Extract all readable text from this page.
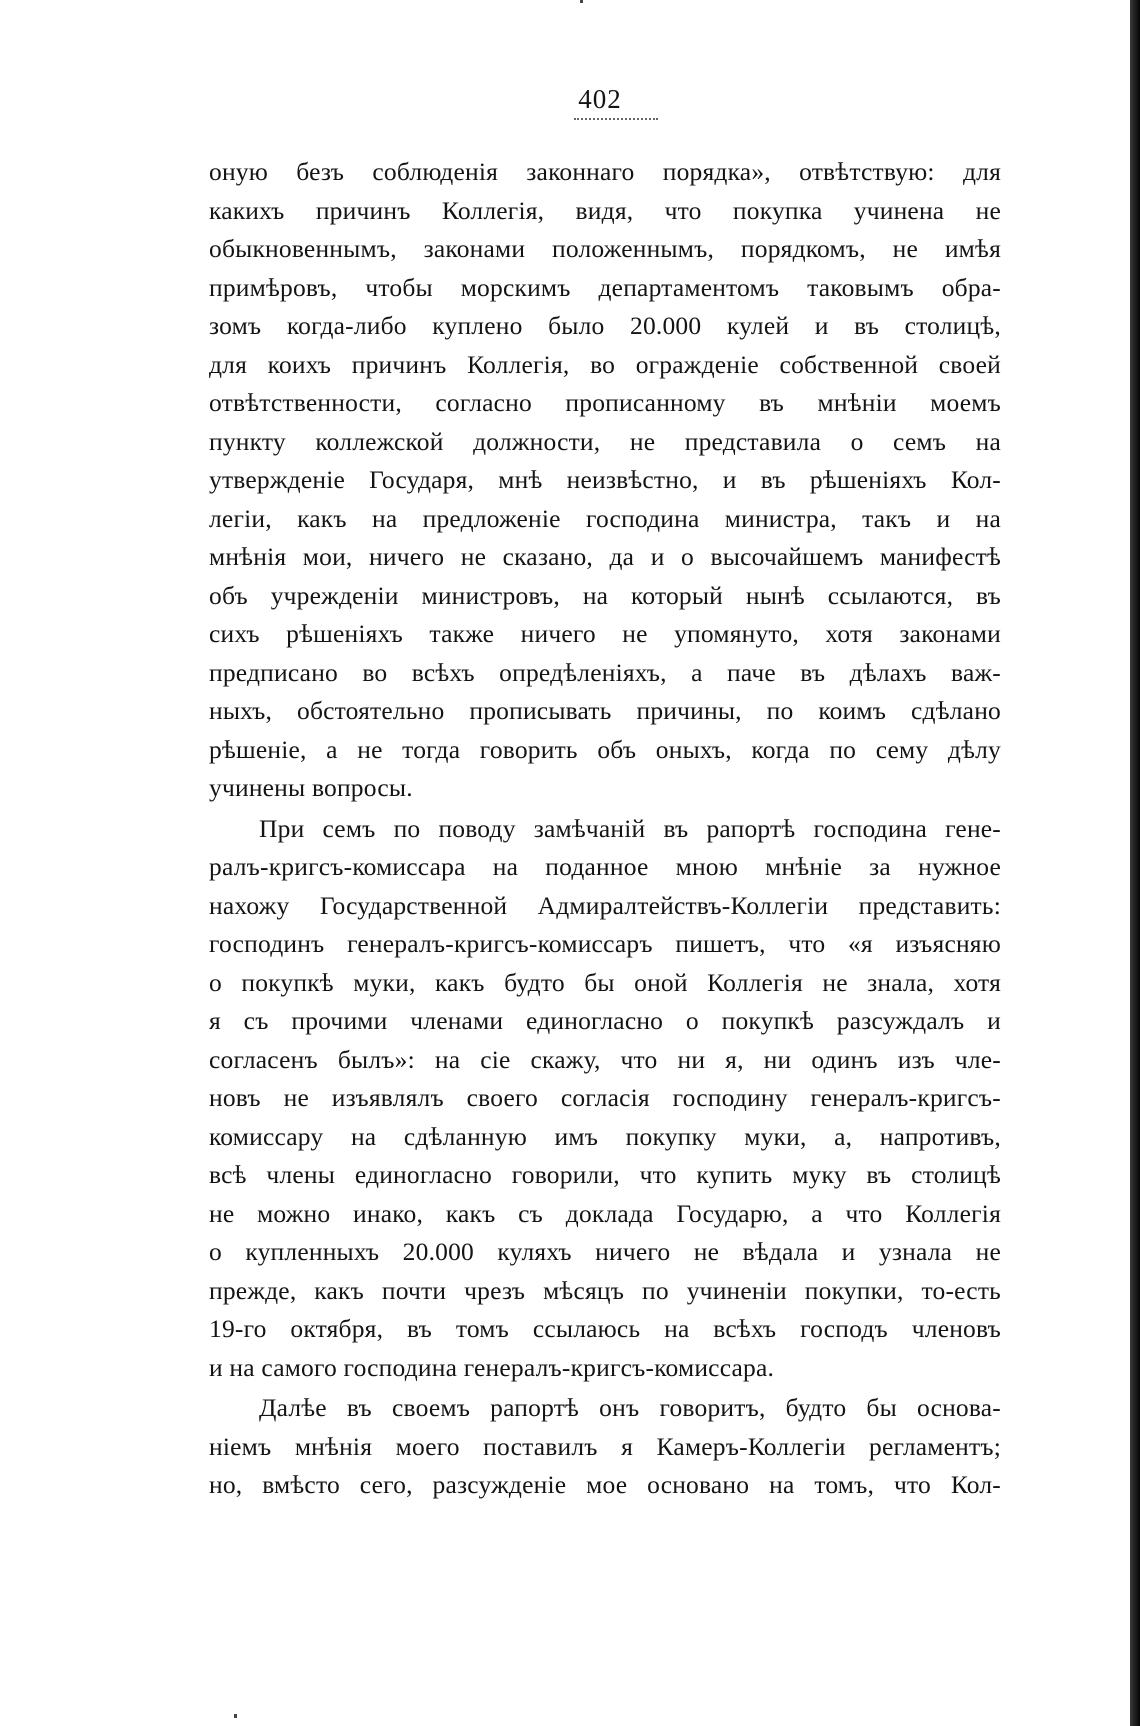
402
оную безъ соблюденія законнаго порядка», отвѣтствую: для
какихъ причинъ Коллегія, видя, что покупка учинена не
обыкновеннымъ, законами положеннымъ, порядкомъ, не имѣя
примѣровъ, чтобы морскимъ департаментомъ таковымъ обра-
зомъ когда-либо куплено было 20.000 кулей и въ столицѣ,
для коихъ причинъ Коллегія, во огражденіе собственной своей
отвѣтственности, согласно прописанному въ мнѣніи моемъ
пункту коллежской должности, не представила о семъ на
утвержденіе Государя, мнѣ неизвѣстно, и въ рѣшеніяхъ Кол-
легіи, какъ на предложеніе господина министра, такъ и на
мнѣнія мои, ничего не сказано, да и о высочайшемъ манифестѣ
объ учрежденіи министровъ, на который нынѣ ссылаются, въ
сихъ рѣшеніяхъ также ничего не упомянуто, хотя законами
предписано во всѣхъ опредѣленіяхъ, а паче въ дѣлахъ важ-
ныхъ, обстоятельно прописывать причины, по коимъ сдѣлано
рѣшеніе, а не тогда говорить объ оныхъ, когда по сему дѣлу
учинены вопросы.
При семъ по поводу замѣчаній въ рапортѣ господина гене-
ралъ-кригсъ-комиссара на поданное мною мнѣніе за нужное
нахожу Государственной Адмиралтействъ-Коллегіи представить:
господинъ генералъ-кригсъ-комиссаръ пишетъ, что «я изъясняю
о покупкѣ муки, какъ будто бы оной Коллегія не знала, хотя
я съ прочими членами единогласно о покупкѣ разсуждалъ и
согласенъ былъ»: на сіе скажу, что ни я, ни одинъ изъ чле-
новъ не изъявлялъ своего согласія господину генералъ-кригсъ-
комиссару на сдѣланную имъ покупку муки, а, напротивъ,
всѣ члены единогласно говорили, что купить муку въ столицѣ
не можно инако, какъ съ доклада Государю, а что Коллегія
о купленныхъ 20.000 куляхъ ничего не вѣдала и узнала не
прежде, какъ почти чрезъ мѣсяцъ по учиненіи покупки, то-есть
19-го октября, въ томъ ссылаюсь на всѣхъ господъ членовъ
и на самого господина генералъ-кригсъ-комиссара.
Далѣе въ своемъ рапортѣ онъ говоритъ, будто бы основа-
ніемъ мнѣнія моего поставилъ я Камеръ-Коллегіи регламентъ;
но, вмѣсто сего, разсужденіе мое основано на томъ, что Кол-
